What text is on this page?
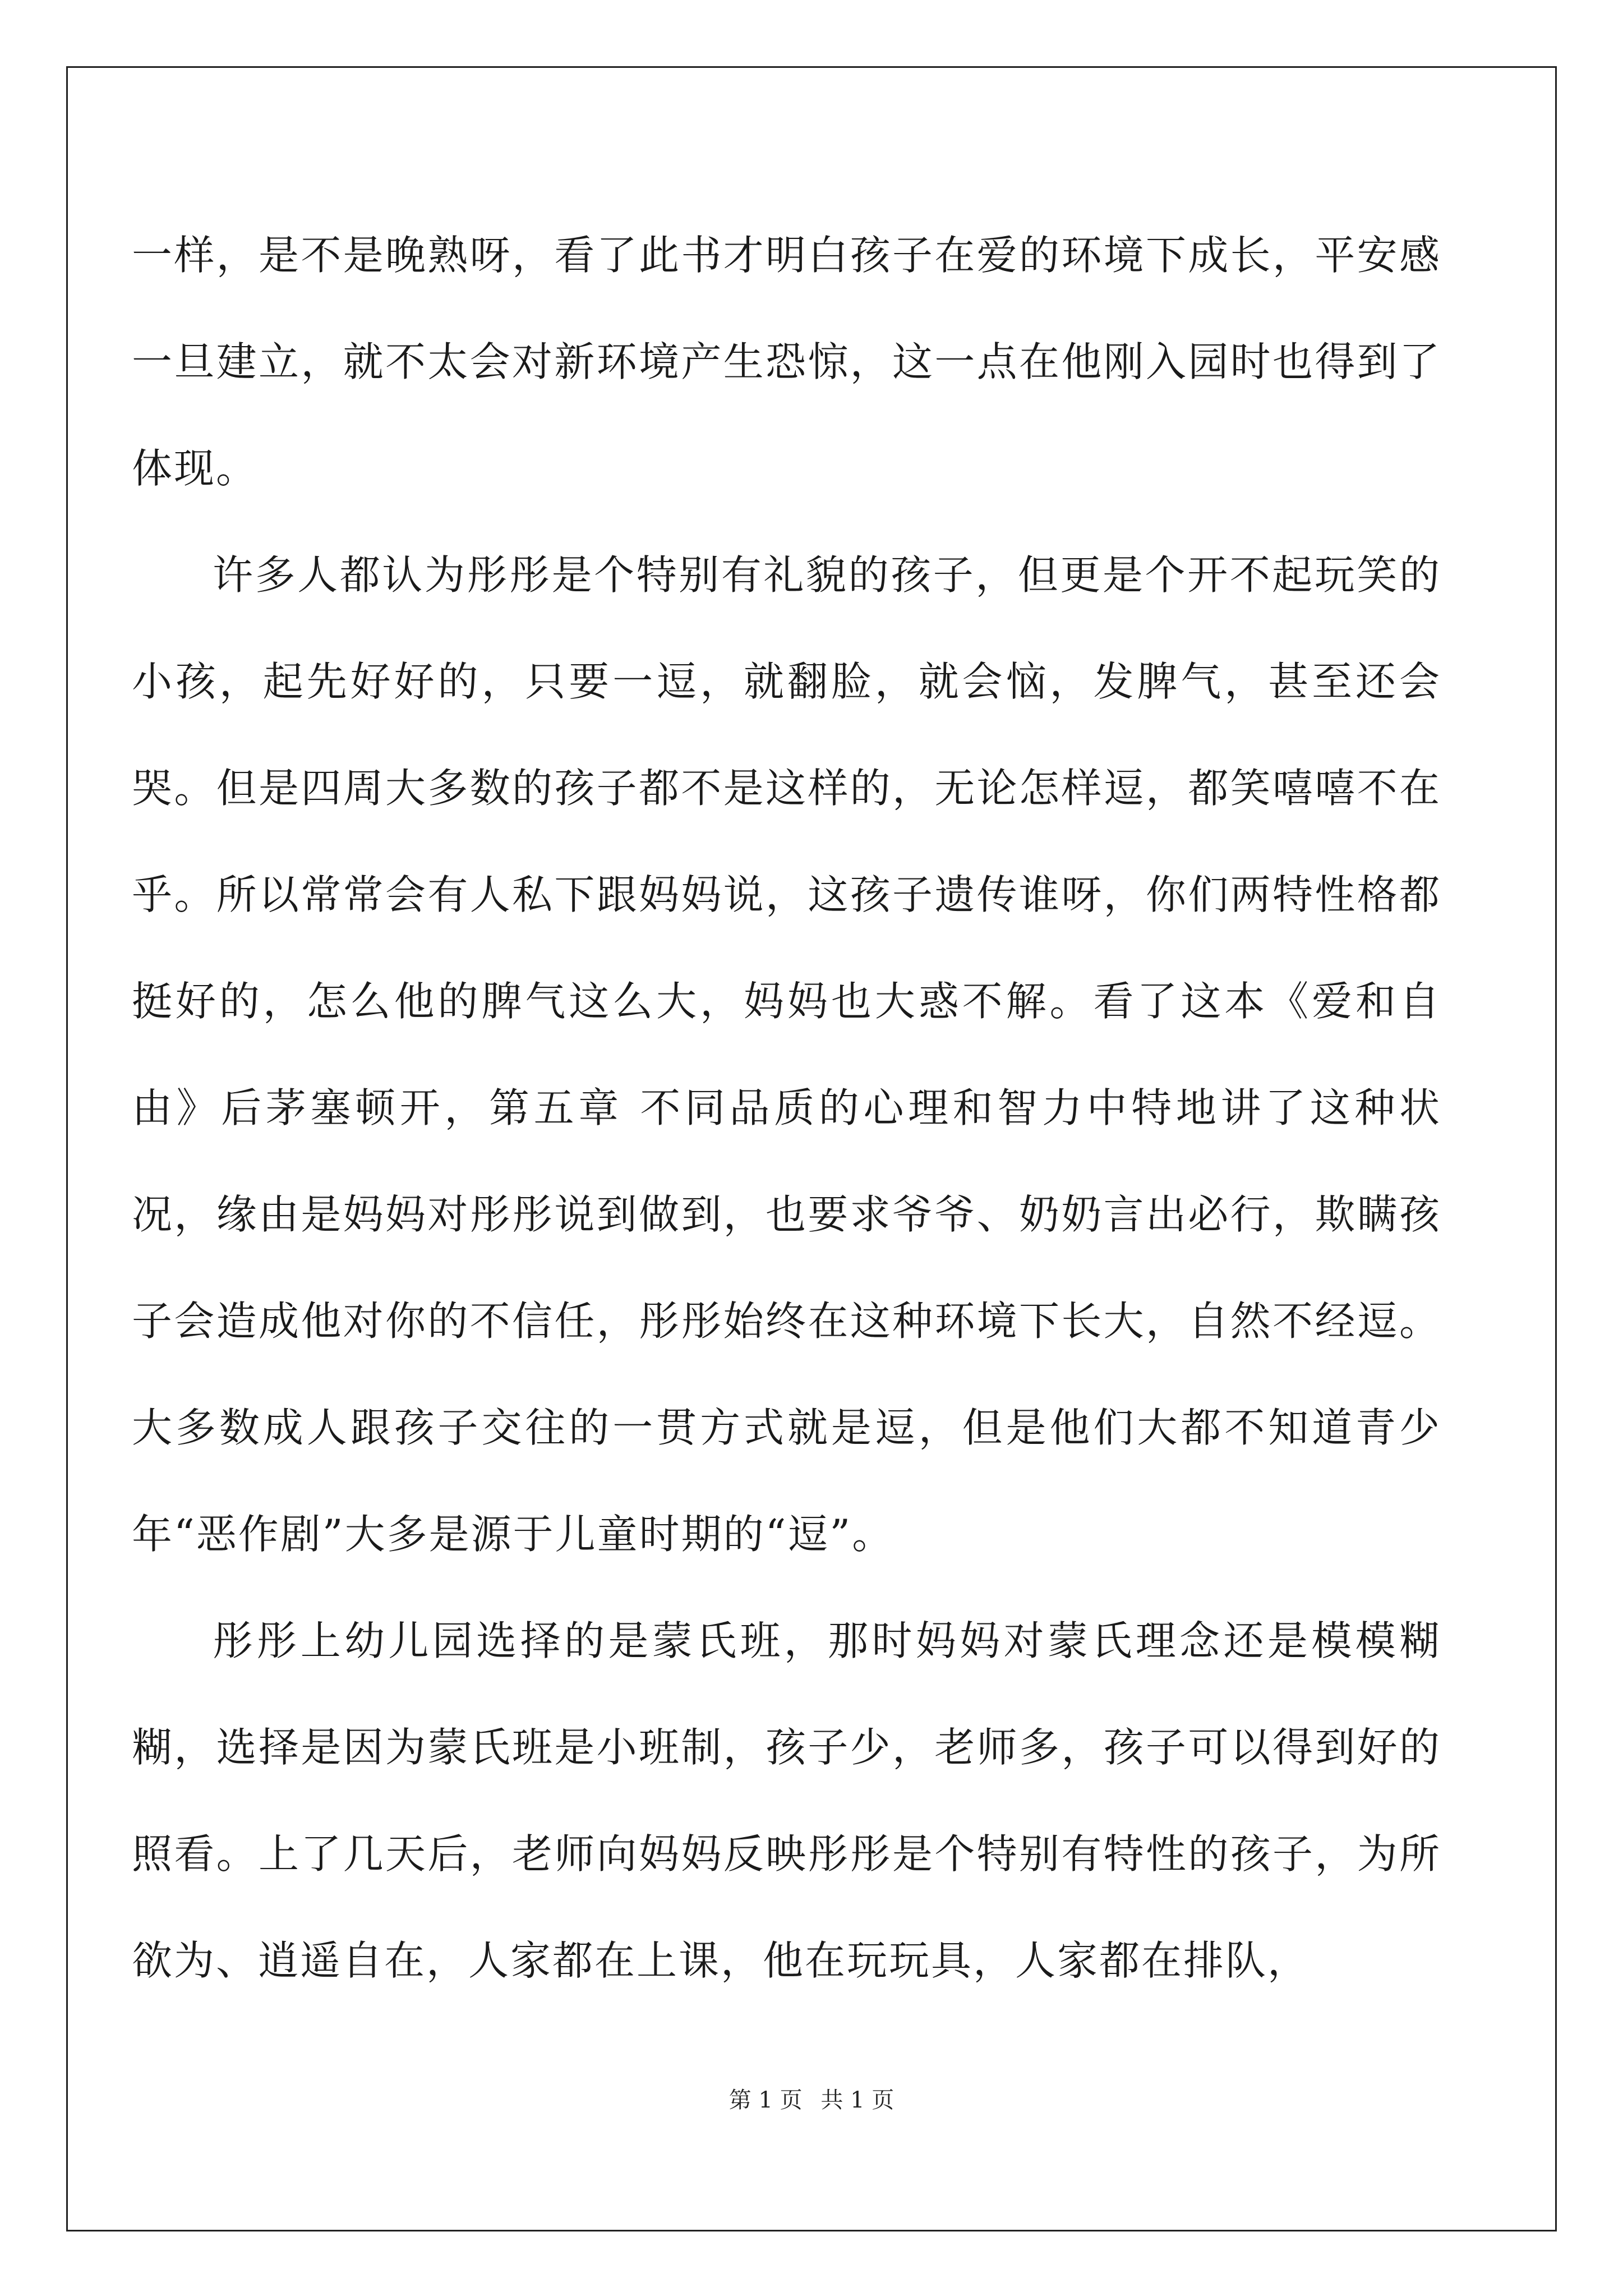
一样，是不是晚熟呀，看了此书才明白孩子在爱的环境下成长，平安感一旦建立，就不太会对新环境产生恐惊，这一点在他刚入园时也得到了体现。

许多人都认为彤彤是个特别有礼貌的孩子，但更是个开不起玩笑的小孩，起先好好的，只要一逗，就翻脸，就会恼，发脾气，甚至还会哭。但是四周大多数的孩子都不是这样的，无论怎样逗，都笑嘻嘻不在乎。所以常常会有人私下跟妈妈说，这孩子遗传谁呀，你们两特性格都挺好的，怎么他的脾气这么大，妈妈也大惑不解。看了这本《爱和自由》后茅塞顿开，第五章 不同品质的心理和智力中特地讲了这种状况，缘由是妈妈对彤彤说到做到，也要求爷爷、奶奶言出必行，欺瞒孩子会造成他对你的不信任，彤彤始终在这种环境下长大，自然不经逗。大多数成人跟孩子交往的一贯方式就是逗，但是他们大都不知道青少年“恶作剧”大多是源于儿童时期的“逗”。

彤彤上幼儿园选择的是蒙氏班，那时妈妈对蒙氏理念还是模模糊糊，选择是因为蒙氏班是小班制，孩子少，老师多，孩子可以得到好的照看。上了几天后，老师向妈妈反映彤彤是个特别有特性的孩子，为所欲为、逍遥自在，人家都在上课，他在玩玩具，人家都在排队，

第 1 页 共 1 页
